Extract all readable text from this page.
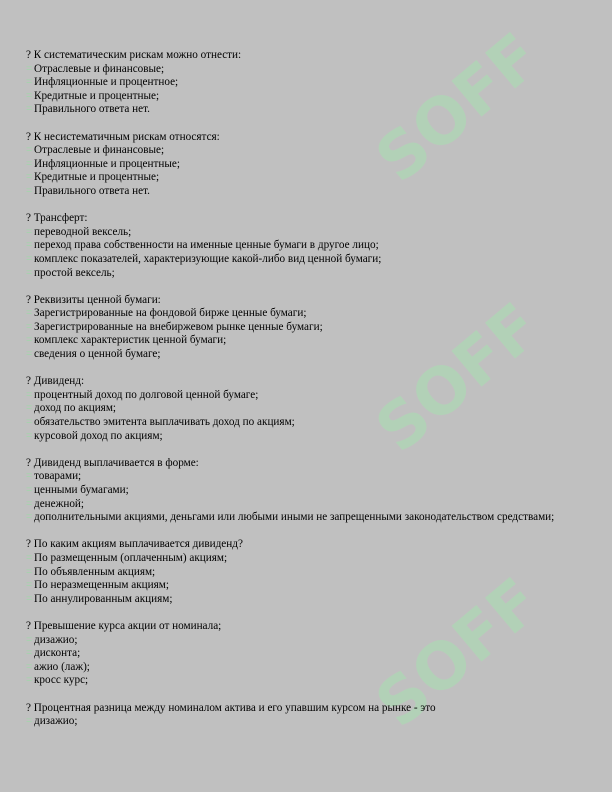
SOFF
SOFF
SOFF
? К систематическим рискам можно отнести:
= Отраслевые и финансовые;
= Инфляционные и процентное;
= Кредитные и процентные;
= Правильного ответа нет.
? К несистематичным рискам относятся:
= Отраслевые и финансовые;
= Инфляционные и процентные;
= Кредитные и процентные;
= Правильного ответа нет.
? Трансферт:
= переводной вексель;
= переход права собственности на именные ценные бумаги в другое лицо;
= комплекс показателей, характеризующие какой-либо вид ценной бумаги;
= простой вексель;
? Реквизиты ценной бумаги:
= Зарегистрированные на фондовой бирже ценные бумаги;
= Зарегистрированные на внебиржевом рынке ценные бумаги;
= комплекс характеристик ценной бумаги;
= сведения о ценной бумаге;
? Дивиденд:
= процентный доход по долговой ценной бумаге;
= доход по акциям;
= обязательство эмитента выплачивать доход по акциям;
= курсовой доход по акциям;
? Дивиденд выплачивается в форме:
= товарами;
= ценными бумагами;
= денежной;
= дополнительными акциями, деньгами или любыми иными не запрещенными законодательством средствами;
? По каким акциям выплачивается дивиденд?
= По размещенным (оплаченным) акциям;
= По объявленным акциям;
= По неразмещенным акциям;
= По аннулированным акциям;
? Превышение курса акции от номинала;
= дизажио;
= дисконта;
= ажио (лаж);
= кросс курс;
? Процентная разница между номиналом актива и его упавшим курсом на рынке - это
= дизажио;
